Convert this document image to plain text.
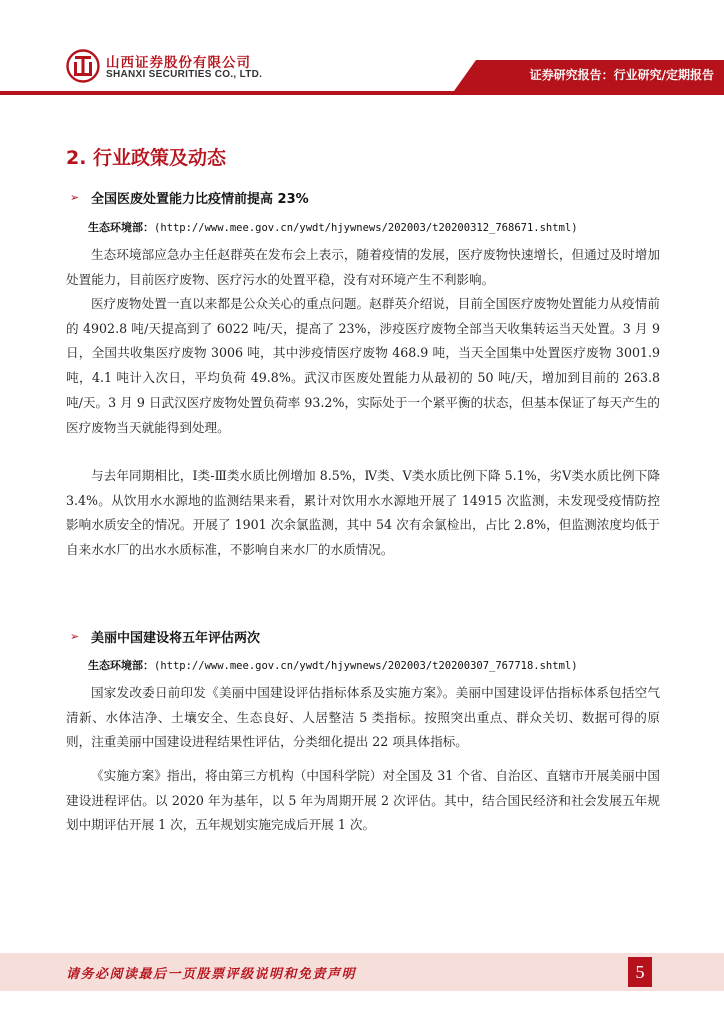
山西证券股份有限公司
SHANXI SECURITIES CO., LTD.	证券研究报告：行业研究/定期报告
2. 行业政策及动态
➢ 全国医废处置能力比疫情前提高 23%
生态环境部：(http://www.mee.gov.cn/ywdt/hjywnews/202003/t20200312_768671.shtml)

生态环境部应急办主任赵群英在发布会上表示，随着疫情的发展，医疗废物快速增长，但通过及时增加处置能力，目前医疗废物、医疗污水的处置平稳，没有对环境产生不利影响。

医疗废物处置一直以来都是公众关心的重点问题。赵群英介绍说，目前全国医疗废物处置能力从疫情前的 4902.8 吨/天提高到了 6022 吨/天，提高了 23%，涉疫医疗废物全部当天收集转运当天处置。3 月 9 日，全国共收集医疗废物 3006 吨，其中涉疫情医疗废物 468.9 吨，当天全国集中处置医疗废物 3001.9 吨，4.1 吨计入次日，平均负荷 49.8%。武汉市医废处置能力从最初的 50 吨/天，增加到目前的 263.8 吨/天。3 月 9 日武汉医疗废物处置负荷率 93.2%，实际处于一个紧平衡的状态，但基本保证了每天产生的医疗废物当天就能得到处理。

与去年同期相比，Ⅰ类-Ⅲ类水质比例增加 8.5%，Ⅳ类、Ⅴ类水质比例下降 5.1%，劣Ⅴ类水质比例下降 3.4%。从饮用水水源地的监测结果来看，累计对饮用水水源地开展了 14915 次监测，未发现受疫情防控影响水质安全的情况。开展了 1901 次余氯监测，其中 54 次有余氯检出，占比 2.8%，但监测浓度均低于自来水水厂的出水水质标准，不影响自来水厂的水质情况。

➢ 美丽中国建设将五年评估两次
生态环境部：(http://www.mee.gov.cn/ywdt/hjywnews/202003/t20200307_767718.shtml)

国家发改委日前印发《美丽中国建设评估指标体系及实施方案》。美丽中国建设评估指标体系包括空气清新、水体洁净、土壤安全、生态良好、人居整洁 5 类指标。按照突出重点、群众关切、数据可得的原则，注重美丽中国建设进程结果性评估，分类细化提出 22 项具体指标。

《实施方案》指出，将由第三方机构（中国科学院）对全国及 31 个省、自治区、直辖市开展美丽中国建设进程评估。以 2020 年为基年，以 5 年为周期开展 2 次评估。其中，结合国民经济和社会发展五年规划中期评估开展 1 次，五年规划实施完成后开展 1 次。

请务必阅读最后一页股票评级说明和免责声明	5
